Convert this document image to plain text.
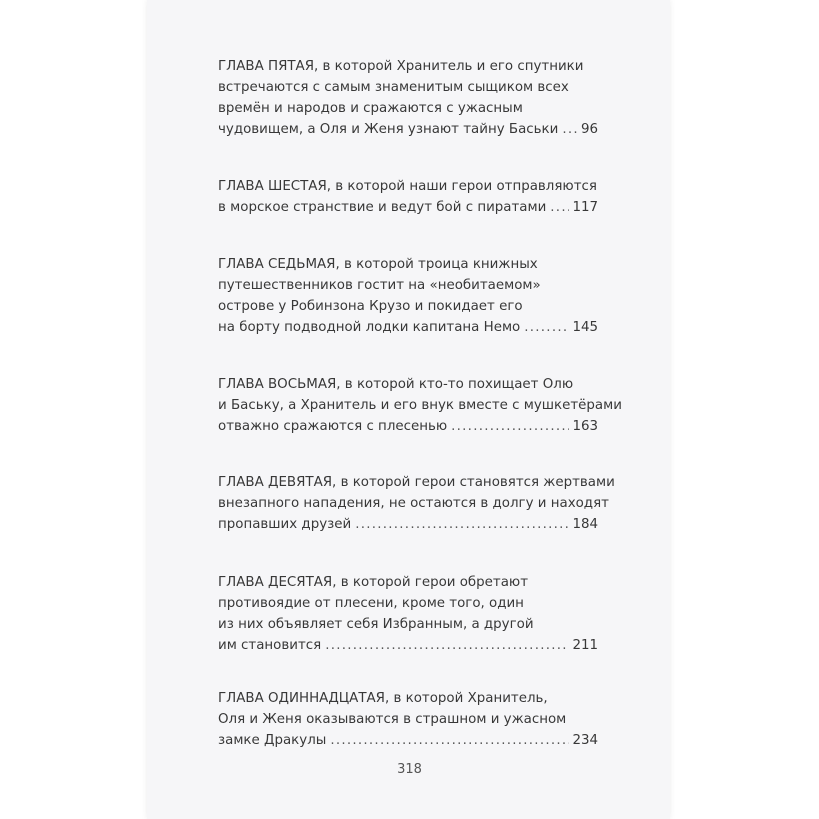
ГЛАВА ПЯТАЯ, в которой Хранитель и его спутники
встречаются с самым знаменитым сыщиком всех
времён и народов и сражаются с ужасным
чудовищем, а Оля и Женя узнают тайну Баськи . . . 96
ГЛАВА ШЕСТАЯ, в которой наши герои отправляются
в морское странствие и ведут бой с пиратами . . . 117
ГЛАВА СЕДЬМАЯ, в которой троица книжных
путешественников гостит на «необитаемом»
острове у Робинзона Крузо и покидает его
на борту подводной лодки капитана Немо . . .	145
ГЛАВА ВОСЬМАЯ, в которой кто-то похищает Олю
и Баську, а Хранитель и его внук вместе с мушкетёрами
отважно сражаются с плесенью . . .	163
ГЛАВА ДЕВЯТАЯ, в которой герои становятся жертвами
внезапного нападения, не остаются в долгу и находят
пропавших друзей . . .	184
ГЛАВА ДЕСЯТАЯ, в которой герои обретают
противоядие от плесени, кроме того, один
из них объявляет себя Избранным, а другой
им становится . . .	211
ГЛАВА ОДИННАДЦАТАЯ, в которой Хранитель,
Оля и Женя оказываются в страшном и ужасном
замке Дракулы . . .	234
318
